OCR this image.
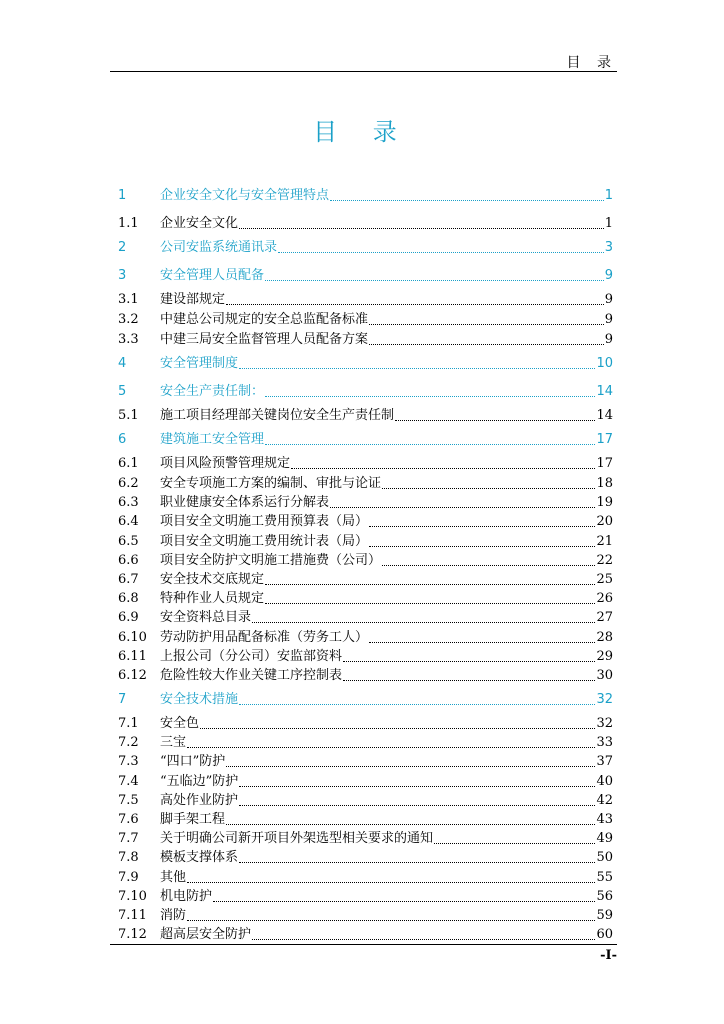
目 录
目 录
1	企业安全文化与安全管理特点	1
1.1	企业安全文化	1
2	公司安监系统通讯录	3
3	安全管理人员配备	9
3.1	建设部规定	9
3.2	中建总公司规定的安全总监配备标准	9
3.3	中建三局安全监督管理人员配备方案	9
4	安全管理制度	10
5	安全生产责任制：	14
5.1	施工项目经理部关键岗位安全生产责任制	14
6	建筑施工安全管理	17
6.1	项目风险预警管理规定	17
6.2	安全专项施工方案的编制、审批与论证	18
6.3	职业健康安全体系运行分解表	19
6.4	项目安全文明施工费用预算表（局）	20
6.5	项目安全文明施工费用统计表（局）	21
6.6	项目安全防护文明施工措施费（公司）	22
6.7	安全技术交底规定	25
6.8	特种作业人员规定	26
6.9	安全资料总目录	27
6.10	劳动防护用品配备标准（劳务工人）	28
6.11	上报公司（分公司）安监部资料	29
6.12	危险性较大作业关键工序控制表	30
7	安全技术措施	32
7.1	安全色	32
7.2	三宝	33
7.3	“四口”防护	37
7.4	“五临边”防护	40
7.5	高处作业防护	42
7.6	脚手架工程	43
7.7	关于明确公司新开项目外架选型相关要求的通知	49
7.8	模板支撑体系	50
7.9	其他	55
7.10	机电防护	56
7.11	消防	59
7.12	超高层安全防护	60
-I-
